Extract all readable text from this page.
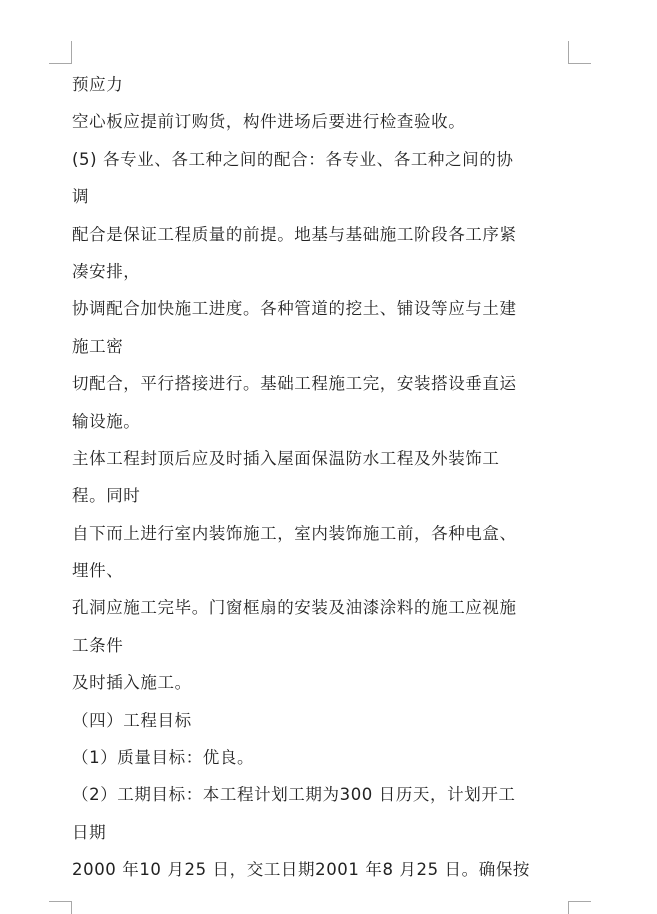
预应力

空心板应提前订购货，构件进场后要进行检查验收。

(5) 各专业、各工种之间的配合：各专业、各工种之间的协

调

配合是保证工程质量的前提。地基与基础施工阶段各工序紧

凑安排，

协调配合加快施工进度。各种管道的挖土、铺设等应与土建

施工密

切配合，平行搭接进行。基础工程施工完，安装搭设垂直运

输设施。

主体工程封顶后应及时插入屋面保温防水工程及外装饰工

程。同时

自下而上进行室内装饰施工，室内装饰施工前，各种电盒、

埋件、

孔洞应施工完毕。门窗框扇的安装及油漆涂料的施工应视施

工条件

及时插入施工。

（四）工程目标

（1）质量目标：优良。

（2）工期目标：本工程计划工期为300 日历天，计划开工

日期

2000 年10 月25 日，交工日期2001 年8 月25 日。确保按
